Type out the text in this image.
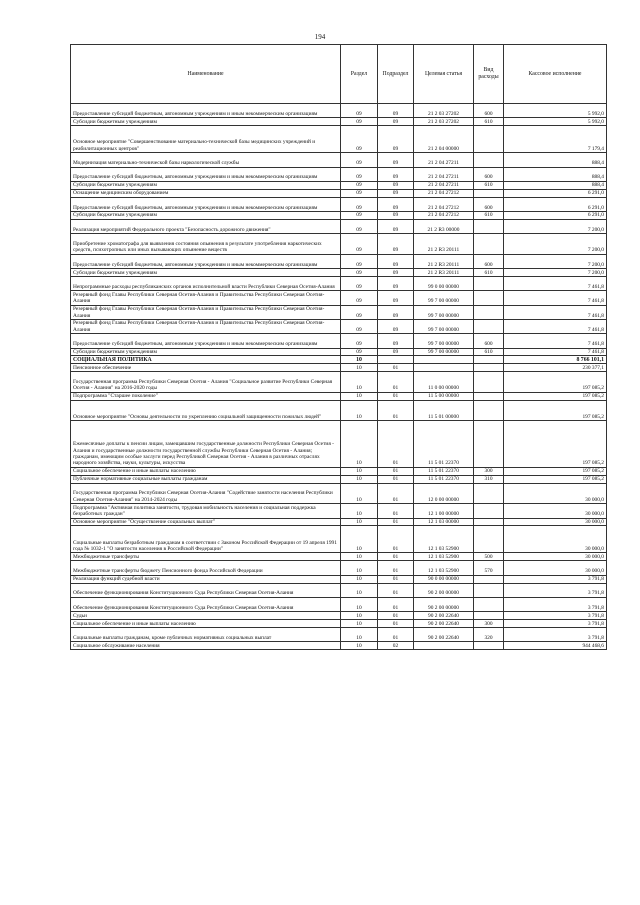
194
Наименование	Раздел	Подраздел	Целевая статья	Вид расходы	Кассовое исполнение
Предоставление субсидий бюджетным, автономным учреждениям и иным некоммерческим организациям	09	09	21 2 03 27202	600	5 992,0
Субсидии бюджетным учреждениям	09	09	21 2 03 27202	610	5 992,0
Основное мероприятие "Совершенствование материально-технической базы медицинских учреждений и реабилитационных центров"	09	09	21 2 04 00000		7 179,4
Модернизация материально-технической базы наркологической службы	09	09	21 2 04 27211		888,4
Предоставление субсидий бюджетным, автономным учреждениям и иным некоммерческим организациям	09	09	21 2 04 27211	600	888,4
Субсидии бюджетным учреждениям	09	09	21 2 04 27211	610	888,4
Оснащение медицинским оборудованием	09	09	21 2 04 27212		6 291,0
Предоставление субсидий бюджетным, автономным учреждениям и иным некоммерческим организациям	09	09	21 2 04 27212	600	6 291,0
Субсидии бюджетным учреждениям	09	09	21 2 04 27212	610	6 291,0
Реализация мероприятий Федерального проекта "Безопасность дорожного движения"	09	09	21 2 R3 00000		7 200,0
Приобретение хроматографа для выявления состояния опьянения в результате употребления наркотических средств, психотропных или иных вызывающих опьянение веществ	09	09	21 2 R3 20111		7 200,0
Предоставление субсидий бюджетным, автономным учреждениям и иным некоммерческим организациям	09	09	21 2 R3 20111	600	7 200,0
Субсидии бюджетным учреждениям	09	09	21 2 R3 20111	610	7 200,0
Непрограммные расходы республиканских органов исполнительной власти Республики Северная Осетия-Алания	09	09	99 0 00 00000		7 461,8
Резервный фонд Главы Республики Северная Осетия-Алания и Правительства Республики Северная Осетия-Алания	09	09	99 7 00 00000		7 461,8
Резервный фонд Главы Республики Северная Осетия-Алания и Правительства Республики Северная Осетия-Алания	09	09	99 7 00 00000		7 461,8
Резервный фонд Главы Республики Северная Осетия-Алания и Правительства Республики Северная Осетия-Алания	09	09	99 7 00 00000		7 461,8
Предоставление субсидий бюджетным, автономным учреждениям и иным некоммерческим организациям	09	09	99 7 00 00000	600	7 461,8
Субсидии бюджетным учреждениям	09	09	99 7 00 00000	610	7 461,8
СОЦИАЛЬНАЯ ПОЛИТИКА	10				8 766 101,1
Пенсионное обеспечение	10	01			230 377,1
Государственная программа Республики Северная Осетия - Алания "Социальное развитие Республики Северная Осетия - Алания" на 2016-2020 годы	10	01	11 0 00 00000		197 085,2
Подпрограмма "Старшее поколение"	10	01	11 5 00 00000		197 085,2
Основное мероприятие "Основы деятельности по укреплению социальной защищенности пожилых людей"	10	01	11 5 01 00000		197 085,2
Ежемесячные доплаты к пенсии лицам, замещавшим государственные должности Республики Северная Осетия - Алания и государственные должности государственной службы Республики Северная Осетия - Алания; гражданам, имеющим особые заслуги перед Республикой Северная Осетия - Алания в различных отраслях народного хозяйства, науки, культуры, искусства	10	01	11 5 01 22370		197 085,2
Социальное обеспечение и иные выплаты населению	10	01	11 5 01 22370	300	197 085,2
Публичные нормативные социальные выплаты гражданам	10	01	11 5 01 22370	310	197 085,2
Государственная программа Республики Северная Осетия-Алания "Содействие занятости населения Республики Северная Осетия-Алания" на 2014-2024 годы	10	01	12 0 00 00000		30 000,0
Подпрограмма "Активная политика занятости, трудовая мобильность населения и социальная поддержка безработных граждан"	10	01	12 1 00 00000		30 000,0
Основное мероприятие "Осуществление социальных выплат"	10	01	12 1 03 00000		30 000,0
Социальные выплаты безработным гражданам в соответствии с Законом Российской Федерации от 19 апреля 1991 года № 1032-1 "О занятости населения в Российской Федерации"	10	01	12 1 03 52900		30 000,0
Межбюджетные трансферты	10	01	12 1 03 52900	500	30 000,0
Межбюджетные трансферты бюджету Пенсионного фонда Российской Федерации	10	01	12 1 03 52900	570	30 000,0
Реализация функций судебной власти	10	01	90 0 00 00000		3 791,8
Обеспечение функционирования Конституционного Суда Республики Северная Осетия-Алания	10	01	90 2 00 00000		3 791,8
Обеспечение функционирования Конституционного Суда Республики Северная Осетия-Алания	10	01	90 2 00 00000		3 791,8
Судьи	10	01	90 2 00 22640		3 791,8
Социальное обеспечение и иные выплаты населению	10	01	90 2 00 22640	300	3 791,8
Социальные выплаты гражданам, кроме публичных нормативных социальных выплат	10	01	90 2 00 22640	320	3 791,8
Социальное обслуживание населения	10	02			944 468,6
